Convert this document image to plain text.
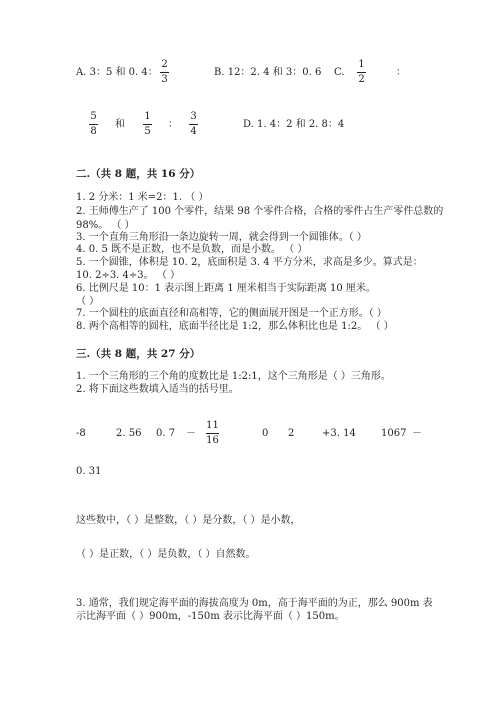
A. 3：5 和 0. 4：
2
3
B. 12：2. 4 和 3：0. 6 C.
1
2
：
5
8
和
1
5
：
3
4
D. 1. 4：2 和 2. 8：4
二.（共 8 题，共 16 分）
1. 2 分米：1 米=2：1. （ ）
2. 王师傅生产了 100 个零件，结果 98 个零件合格，合格的零件占生产零件总数的
98%。 （ ）
3. 一个直角三角形沿一条边旋转一周，就会得到一个圆锥体。（ ）
4. 0. 5 既不是正数，也不是负数，而是小数。 （ ）
5. 一个圆锥，体积是 10. 2，底面积是 3. 4 平方分米，求高是多少。算式是：
10. 2÷3. 4÷3。 （ ）
6. 比例尺是 10：1 表示图上距离 1 厘米相当于实际距离 10 厘米。
（ ）
7. 一个圆柱的底面直径和高相等，它的侧面展开图是一个正方形。（ ）
8. 两个高相等的圆柱，底面半径比是 1:2，那么体积比也是 1:2。 （ ）
三.（共 8 题，共 27 分）
1. 一个三角形的三个角的度数比是 1:2:1，这个三角形是（ ）三角形。
2. 将下面这些数填入适当的括号里。
-8	2. 56 0. 7 －
11
16
0 2	+3. 14	1067 －
0. 31
这些数中，（ ）是整数，（ ）是分数，（ ）是小数，
（ ）是正数，（ ）是负数，（ ）自然数。
3. 通常，我们规定海平面的海拔高度为 0m，高于海平面的为正，那么 900m 表
示比海平面（ ）900m，-150m 表示比海平面（ ）150m。
